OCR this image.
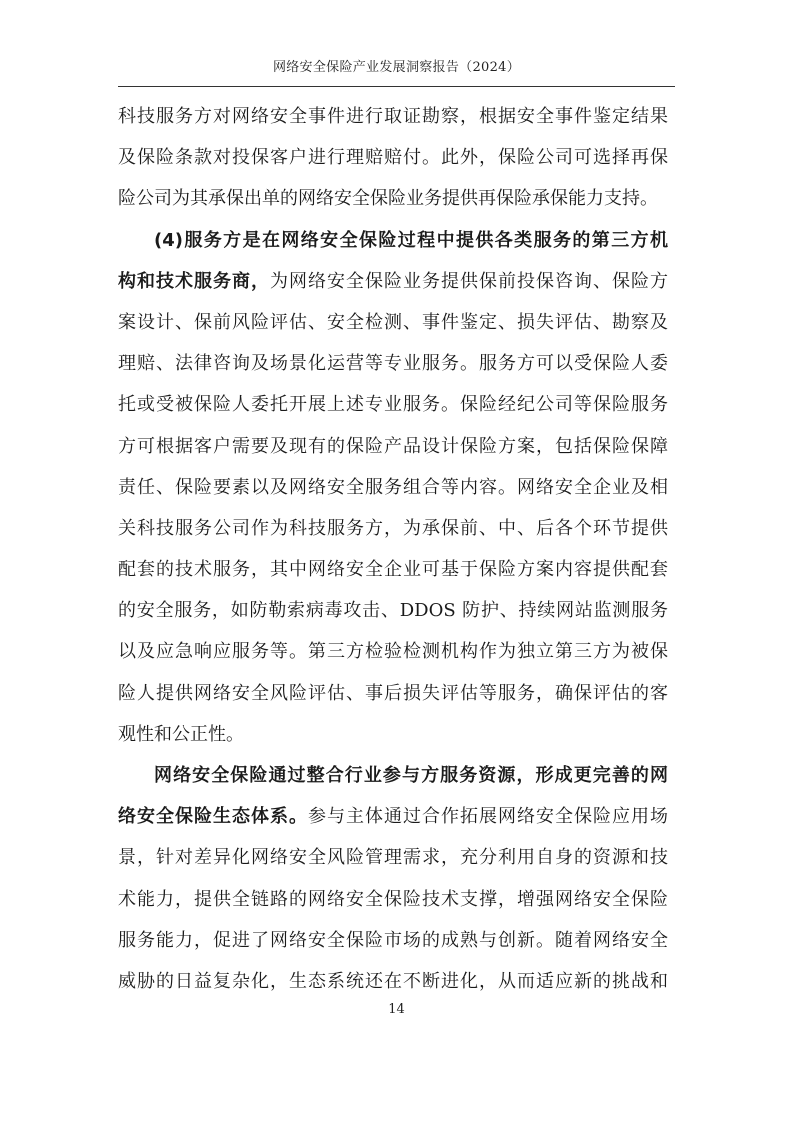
网络安全保险产业发展洞察报告（2024）
科技服务方对网络安全事件进行取证勘察，根据安全事件鉴定结果
及保险条款对投保客户进行理赔赔付。此外，保险公司可选择再保
险公司为其承保出单的网络安全保险业务提供再保险承保能力支持。
(4)服务方是在网络安全保险过程中提供各类服务的第三方机
构和技术服务商，为网络安全保险业务提供保前投保咨询、保险方
案设计、保前风险评估、安全检测、事件鉴定、损失评估、勘察及
理赔、法律咨询及场景化运营等专业服务。服务方可以受保险人委
托或受被保险人委托开展上述专业服务。保险经纪公司等保险服务
方可根据客户需要及现有的保险产品设计保险方案，包括保险保障
责任、保险要素以及网络安全服务组合等内容。网络安全企业及相
关科技服务公司作为科技服务方，为承保前、中、后各个环节提供
配套的技术服务，其中网络安全企业可基于保险方案内容提供配套
的安全服务，如防勒索病毒攻击、DDOS 防护、持续网站监测服务
以及应急响应服务等。第三方检验检测机构作为独立第三方为被保
险人提供网络安全风险评估、事后损失评估等服务，确保评估的客
观性和公正性。
网络安全保险通过整合行业参与方服务资源，形成更完善的网
络安全保险生态体系。参与主体通过合作拓展网络安全保险应用场
景，针对差异化网络安全风险管理需求，充分利用自身的资源和技
术能力，提供全链路的网络安全保险技术支撑，增强网络安全保险
服务能力，促进了网络安全保险市场的成熟与创新。随着网络安全
威胁的日益复杂化，生态系统还在不断进化，从而适应新的挑战和
14
